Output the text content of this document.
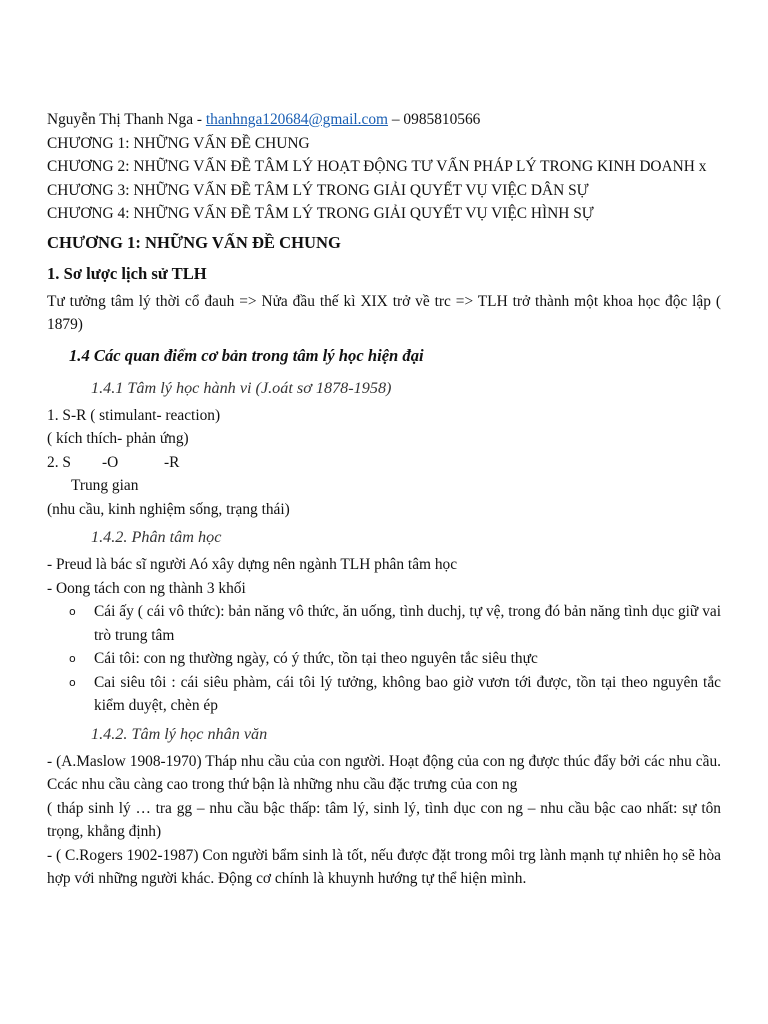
Nguyễn Thị Thanh Nga - thanhnga120684@gmail.com – 0985810566

CHƯƠNG 1: NHỮNG VẤN ĐỀ CHUNG

CHƯƠNG 2: NHỮNG VẤN ĐỀ TÂM LÝ HOẠT ĐỘNG TƯ VẤN PHÁP LÝ TRONG KINH DOANH x

CHƯƠNG 3: NHỮNG VẤN ĐỀ TÂM LÝ TRONG GIẢI QUYẾT VỤ VIỆC DÂN SỰ

CHƯƠNG 4: NHỮNG VẤN ĐỀ TÂM LÝ TRONG GIẢI QUYẾT VỤ VIỆC HÌNH SỰ

CHƯƠNG 1: NHỮNG VẤN ĐỀ CHUNG

1. Sơ lược lịch sử TLH

Tư tưởng tâm lý thời cổ đauh => Nửa đầu thế kì XIX trở về trc => TLH trở thành một khoa học độc lập ( 1879)

1.4 Các quan điểm cơ bản trong tâm lý học hiện đại

1.4.1 Tâm lý học hành vi (J.oát sơ 1878-1958)

1. S-R ( stimulant- reaction)

( kích thích- phản ứng)

2. S -O	-R

Trung gian

(nhu cầu, kinh nghiệm sống, trạng thái)

1.4.2. Phân tâm học

- Preud là bác sĩ người Aó xây dựng nên ngành TLH phân tâm học

- Oong tách con ng thành 3 khối

o Cái ấy ( cái vô thức): bản năng vô thức, ăn uống, tình duchj, tự vệ, trong đó bản năng tình dục giữ vai trò trung tâm
o Cái tôi: con ng thường ngày, có ý thức, tồn tại theo nguyên tắc siêu thực
o Cai siêu tôi : cái siêu phàm, cái tôi lý tưởng, không bao giờ vươn tới được, tồn tại theo nguyên tắc kiểm duyệt, chèn ép

1.4.2. Tâm lý học nhân văn

- (A.Maslow 1908-1970) Tháp nhu cầu của con người. Hoạt động của con ng được thúc đẩy bởi các nhu cầu. Ccác nhu cầu càng cao trong thứ bận là những nhu cầu đặc trưng của con ng

( tháp sinh lý … tra gg – nhu cầu bậc thấp: tâm lý, sinh lý, tình dục con ng – nhu cầu bậc cao nhất: sự tôn trọng, khẳng định)

- ( C.Rogers 1902-1987) Con người bẩm sinh là tốt, nếu được đặt trong môi trg lành mạnh tự nhiên họ sẽ hòa hợp với những người khác. Động cơ chính là khuynh hướng tự thể hiện mình.
